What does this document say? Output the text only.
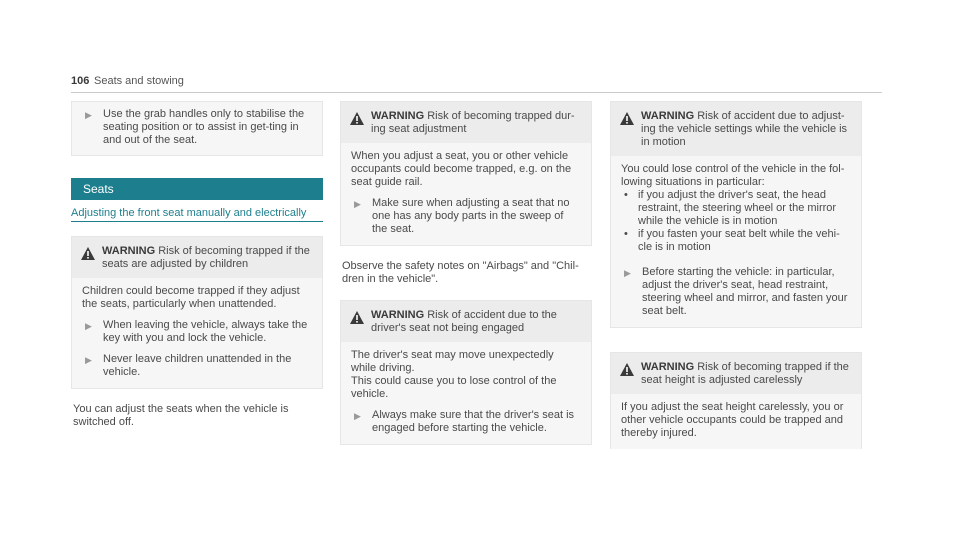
106 Seats and stowing
▶	Use the grab handles only to stabilise the seating position or to assist in get-ting in and out of the seat.
Seats
Adjusting the front seat manually and electrically
WARNING Risk of becoming trapped if the seats are adjusted by children
Children could become trapped if they adjust the seats, particularly when unattended.
▶	When leaving the vehicle, always take the key with you and lock the vehicle.
▶	Never leave children unattended in the vehicle.
You can adjust the seats when the vehicle is switched off.
WARNING Risk of becoming trapped dur-ing seat adjustment
When you adjust a seat, you or other vehicle occupants could become trapped, e.g. on the seat guide rail.
▶	Make sure when adjusting a seat that no one has any body parts in the sweep of the seat.
Observe the safety notes on "Airbags" and "Chil-dren in the vehicle".
WARNING Risk of accident due to the driver's seat not being engaged
The driver's seat may move unexpectedly while driving.
This could cause you to lose control of the vehicle.
▶	Always make sure that the driver's seat is engaged before starting the vehicle.
WARNING Risk of accident due to adjust-ing the vehicle settings while the vehicle is in motion
You could lose control of the vehicle in the fol-lowing situations in particular:
• if you adjust the driver's seat, the head restraint, the steering wheel or the mirror while the vehicle is in motion
• if you fasten your seat belt while the vehi-cle is in motion
▶	Before starting the vehicle: in particular, adjust the driver's seat, head restraint, steering wheel and mirror, and fasten your seat belt.
WARNING Risk of becoming trapped if the seat height is adjusted carelessly
If you adjust the seat height carelessly, you or other vehicle occupants could be trapped and thereby injured.
